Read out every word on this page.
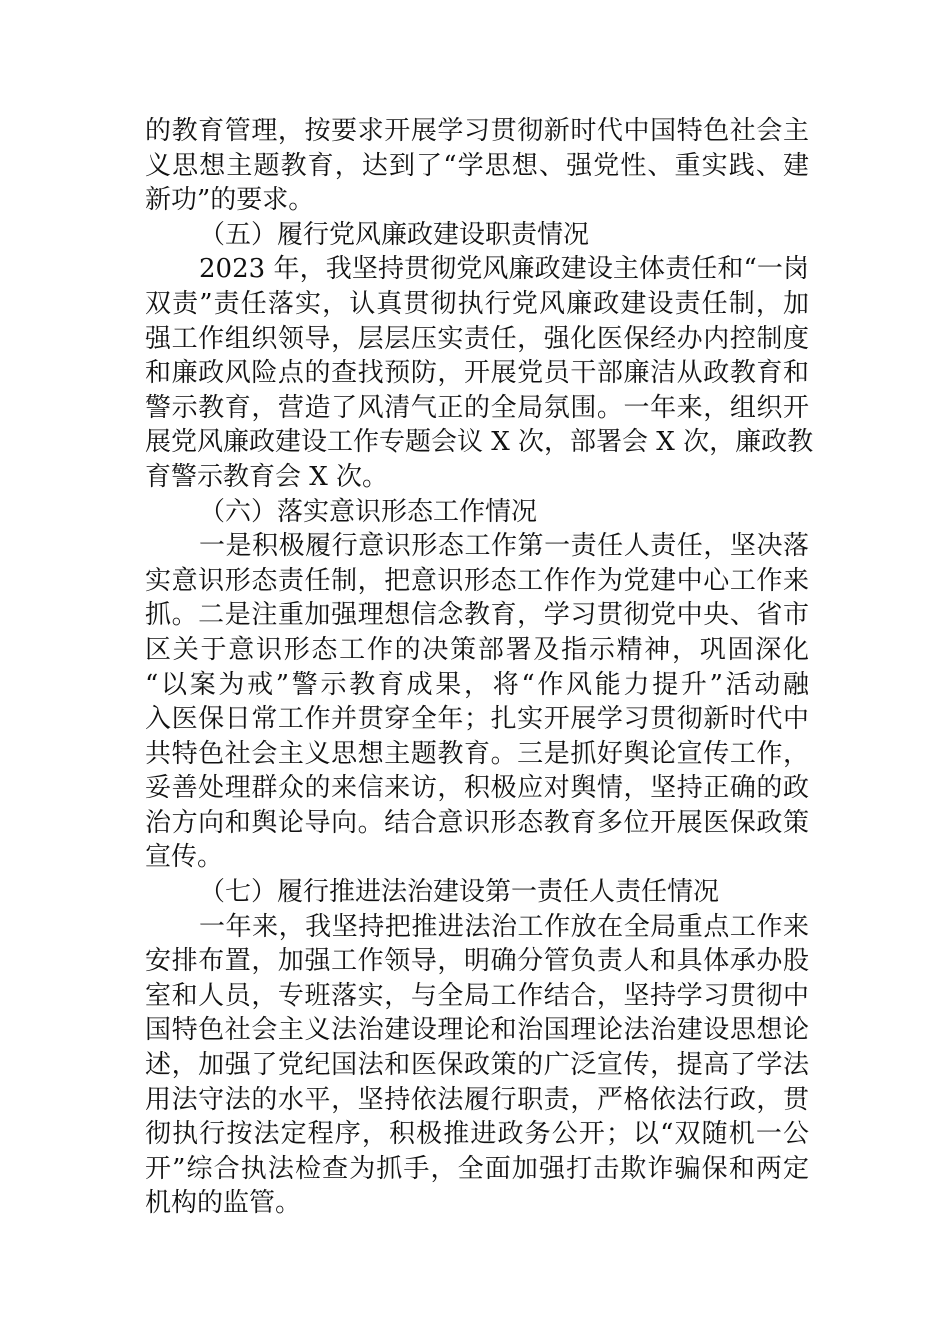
的教育管理，按要求开展学习贯彻新时代中国特色社会主
义思想主题教育，达到了“学思想、强党性、重实践、建
新功”的要求。
（五）履行党风廉政建设职责情况
2023 年，我坚持贯彻党风廉政建设主体责任和“一岗
双责”责任落实，认真贯彻执行党风廉政建设责任制，加
强工作组织领导，层层压实责任，强化医保经办内控制度
和廉政风险点的查找预防，开展党员干部廉洁从政教育和
警示教育，营造了风清气正的全局氛围。一年来，组织开
展党风廉政建设工作专题会议 X 次，部署会 X 次，廉政教
育警示教育会 X 次。
（六）落实意识形态工作情况
一是积极履行意识形态工作第一责任人责任，坚决落
实意识形态责任制，把意识形态工作作为党建中心工作来
抓。二是注重加强理想信念教育，学习贯彻党中央、省市
区关于意识形态工作的决策部署及指示精神，巩固深化
“以案为戒”警示教育成果，将“作风能力提升”活动融
入医保日常工作并贯穿全年；扎实开展学习贯彻新时代中
共特色社会主义思想主题教育。三是抓好舆论宣传工作，
妥善处理群众的来信来访，积极应对舆情，坚持正确的政
治方向和舆论导向。结合意识形态教育多位开展医保政策
宣传。
（七）履行推进法治建设第一责任人责任情况
一年来，我坚持把推进法治工作放在全局重点工作来
安排布置，加强工作领导，明确分管负责人和具体承办股
室和人员，专班落实，与全局工作结合，坚持学习贯彻中
国特色社会主义法治建设理论和治国理论法治建设思想论
述，加强了党纪国法和医保政策的广泛宣传，提高了学法
用法守法的水平，坚持依法履行职责，严格依法行政，贯
彻执行按法定程序，积极推进政务公开；以“双随机一公
开”综合执法检查为抓手，全面加强打击欺诈骗保和两定
机构的监管。
